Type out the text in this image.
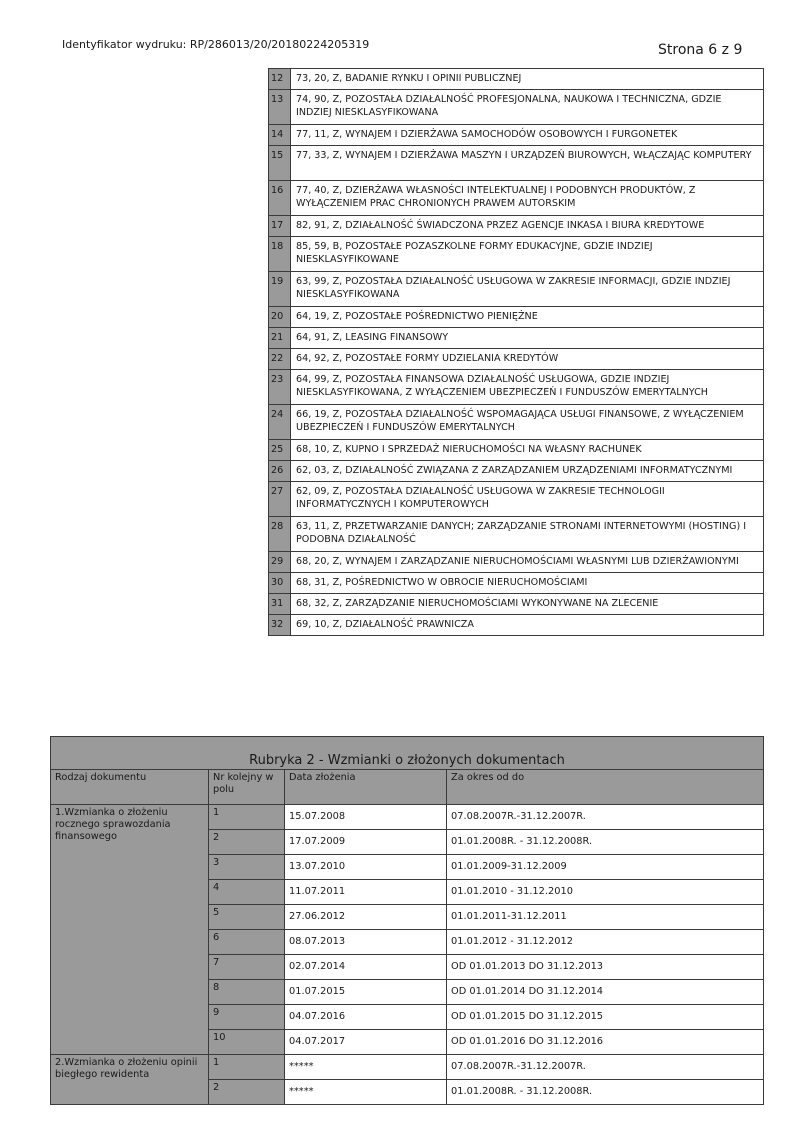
Identyfikator wydruku: RP/286013/20/20180224205319	Strona 6 z 9
12	73, 20, Z, BADANIE RYNKU I OPINII PUBLICZNEJ
13	74, 90, Z, POZOSTAŁA DZIAŁALNOŚĆ PROFESJONALNA, NAUKOWA I TECHNICZNA, GDZIE INDZIEJ NIESKLASYFIKOWANA
14	77, 11, Z, WYNAJEM I DZIERŻAWA SAMOCHODÓW OSOBOWYCH I FURGONETEK
15	77, 33, Z, WYNAJEM I DZIERŻAWA MASZYN I URZĄDZEŃ BIUROWYCH, WŁĄCZAJĄC KOMPUTERY
16	77, 40, Z, DZIERŻAWA WŁASNOŚCI INTELEKTUALNEJ I PODOBNYCH PRODUKTÓW, Z WYŁĄCZENIEM PRAC CHRONIONYCH PRAWEM AUTORSKIM
17	82, 91, Z, DZIAŁALNOŚĆ ŚWIADCZONA PRZEZ AGENCJE INKASA I BIURA KREDYTOWE
18	85, 59, B, POZOSTAŁE POZASZKOLNE FORMY EDUKACYJNE, GDZIE INDZIEJ NIESKLASYFIKOWANE
19	63, 99, Z, POZOSTAŁA DZIAŁALNOŚĆ USŁUGOWA W ZAKRESIE INFORMACJI, GDZIE INDZIEJ NIESKLASYFIKOWANA
20	64, 19, Z, POZOSTAŁE POŚREDNICTWO PIENIĘŻNE
21	64, 91, Z, LEASING FINANSOWY
22	64, 92, Z, POZOSTAŁE FORMY UDZIELANIA KREDYTÓW
23	64, 99, Z, POZOSTAŁA FINANSOWA DZIAŁALNOŚĆ USŁUGOWA, GDZIE INDZIEJ NIESKLASYFIKOWANA, Z WYŁĄCZENIEM UBEZPIECZEŃ I FUNDUSZÓW EMERYTALNYCH
24	66, 19, Z, POZOSTAŁA DZIAŁALNOŚĆ WSPOMAGAJĄCA USŁUGI FINANSOWE, Z WYŁĄCZENIEM UBEZPIECZEŃ I FUNDUSZÓW EMERYTALNYCH
25	68, 10, Z, KUPNO I SPRZEDAŻ NIERUCHOMOŚCI NA WŁASNY RACHUNEK
26	62, 03, Z, DZIAŁALNOŚĆ ZWIĄZANA Z ZARZĄDZANIEM URZĄDZENIAMI INFORMATYCZNYMI
27	62, 09, Z, POZOSTAŁA DZIAŁALNOŚĆ USŁUGOWA W ZAKRESIE TECHNOLOGII INFORMATYCZNYCH I KOMPUTEROWYCH
28	63, 11, Z, PRZETWARZANIE DANYCH; ZARZĄDZANIE STRONAMI INTERNETOWYMI (HOSTING) I PODOBNA DZIAŁALNOŚĆ
29	68, 20, Z, WYNAJEM I ZARZĄDZANIE NIERUCHOMOŚCIAMI WŁASNYMI LUB DZIERŻAWIONYMI
30	68, 31, Z, POŚREDNICTWO W OBROCIE NIERUCHOMOŚCIAMI
31	68, 32, Z, ZARZĄDZANIE NIERUCHOMOŚCIAMI WYKONYWANE NA ZLECENIE
32	69, 10, Z, DZIAŁALNOŚĆ PRAWNICZA
Rubryka 2 - Wzmianki o złożonych dokumentach			
Rodzaj dokumentu	Nr kolejny w polu	Data złożenia	Za okres od do
1.Wzmianka o złożeniu rocznego sprawozdania finansowego	1	15.07.2008	07.08.2007R.-31.12.2007R.
	2	17.07.2009	01.01.2008R. - 31.12.2008R.
	3	13.07.2010	01.01.2009-31.12.2009
	4	11.07.2011	01.01.2010 - 31.12.2010
	5	27.06.2012	01.01.2011-31.12.2011
	6	08.07.2013	01.01.2012 - 31.12.2012
	7	02.07.2014	OD 01.01.2013 DO 31.12.2013
	8	01.07.2015	OD 01.01.2014 DO 31.12.2014
	9	04.07.2016	OD 01.01.2015 DO 31.12.2015
	10	04.07.2017	OD 01.01.2016 DO 31.12.2016
2.Wzmianka o złożeniu opinii biegłego rewidenta	1	*****	07.08.2007R.-31.12.2007R.
	2	*****	01.01.2008R. - 31.12.2008R.
